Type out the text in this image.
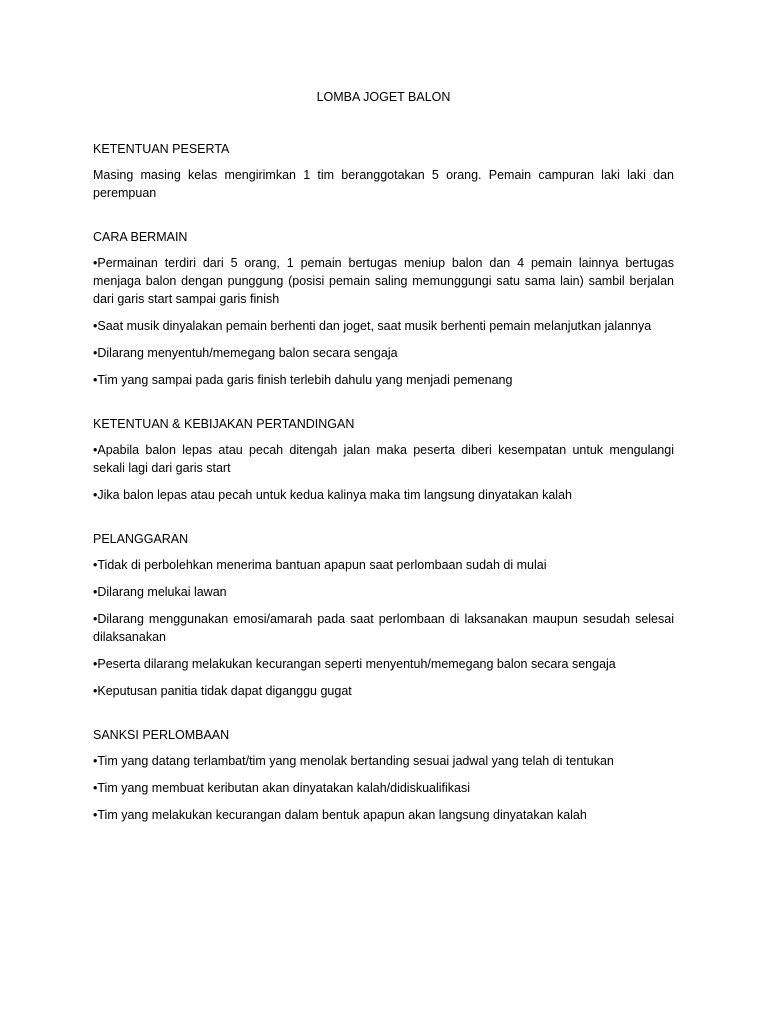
LOMBA JOGET BALON
KETENTUAN PESERTA

Masing masing kelas mengirimkan 1 tim beranggotakan 5 orang. Pemain campuran laki laki dan perempuan

CARA BERMAIN

•Permainan terdiri dari 5 orang, 1 pemain bertugas meniup balon dan 4 pemain lainnya bertugas menjaga balon dengan punggung (posisi pemain saling memunggungi satu sama lain) sambil berjalan dari garis start sampai garis finish

•Saat musik dinyalakan pemain berhenti dan joget, saat musik berhenti pemain melanjutkan jalannya

•Dilarang menyentuh/memegang balon secara sengaja

•Tim yang sampai pada garis finish terlebih dahulu yang menjadi pemenang

KETENTUAN & KEBIJAKAN PERTANDINGAN

•Apabila balon lepas atau pecah ditengah jalan maka peserta diberi kesempatan untuk mengulangi sekali lagi dari garis start

•Jika balon lepas atau pecah untuk kedua kalinya maka tim langsung dinyatakan kalah

PELANGGARAN

•Tidak di perbolehkan menerima bantuan apapun saat perlombaan sudah di mulai

•Dilarang melukai lawan

•Dilarang menggunakan emosi/amarah pada saat perlombaan di laksanakan maupun sesudah selesai dilaksanakan

•Peserta dilarang melakukan kecurangan seperti menyentuh/memegang balon secara sengaja

•Keputusan panitia tidak dapat diganggu gugat

SANKSI PERLOMBAAN

•Tim yang datang terlambat/tim yang menolak bertanding sesuai jadwal yang telah di tentukan

•Tim yang membuat keributan akan dinyatakan kalah/didiskualifikasi

•Tim yang melakukan kecurangan dalam bentuk apapun akan langsung dinyatakan kalah
